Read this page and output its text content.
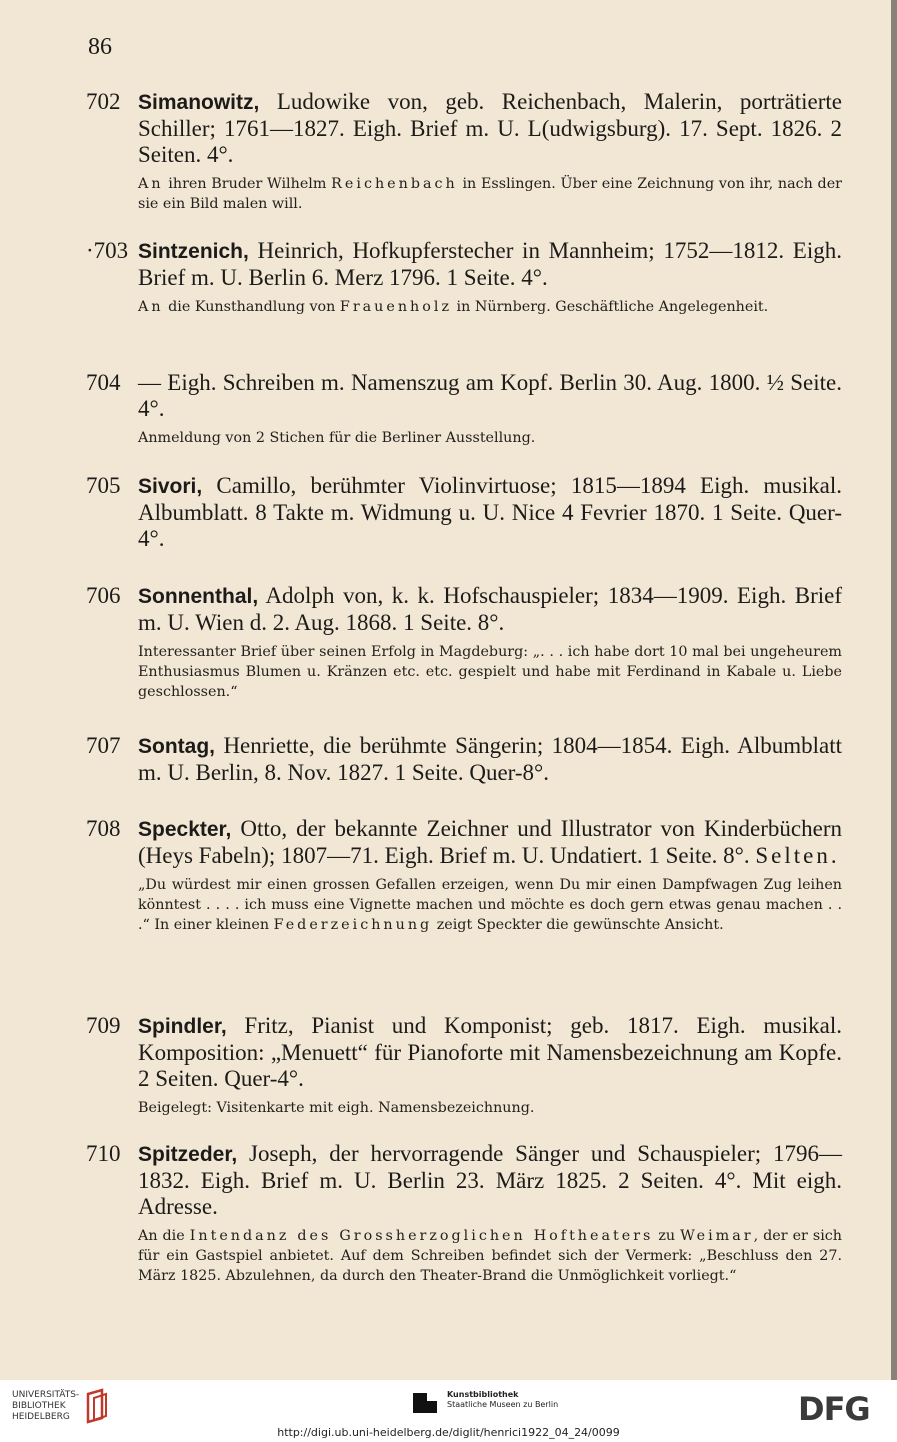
86
702 Simanowitz, Ludowike von, geb. Reichenbach, Malerin, porträtierte Schiller; 1761—1827. Eigh. Brief m. U. L(udwigsburg). 17. Sept. 1826. 2 Seiten. 4°.
An ihren Bruder Wilhelm Reichenbach in Esslingen. Über eine Zeichnung von ihr, nach der sie ein Bild malen will.
·703 Sintzenich, Heinrich, Hofkupferstecher in Mannheim; 1752—1812. Eigh. Brief m. U. Berlin 6. Merz 1796. 1 Seite. 4°.
An die Kunsthandlung von Frauenholz in Nürnberg. Geschäftliche Angelegenheit.
704 — Eigh. Schreiben m. Namenszug am Kopf. Berlin 30. Aug. 1800. ½ Seite. 4°.
Anmeldung von 2 Stichen für die Berliner Ausstellung.
705 Sivori, Camillo, berühmter Violinvirtuose; 1815—1894 Eigh. musikal. Albumblatt. 8 Takte m. Widmung u. U. Nice 4 Fevrier 1870. 1 Seite. Quer-4°.
706 Sonnenthal, Adolph von, k. k. Hofschauspieler; 1834—1909. Eigh. Brief m. U. Wien d. 2. Aug. 1868. 1 Seite. 8°.
Interessanter Brief über seinen Erfolg in Magdeburg: „. . . ich habe dort 10 mal bei ungeheurem Enthusiasmus Blumen u. Kränzen etc. etc. gespielt und habe mit Ferdinand in Kabale u. Liebe geschlossen.“
707 Sontag, Henriette, die berühmte Sängerin; 1804—1854. Eigh. Albumblatt m. U. Berlin, 8. Nov. 1827. 1 Seite. Quer-8°.
708 Speckter, Otto, der bekannte Zeichner und Illustrator von Kinderbüchern (Heys Fabeln); 1807—71. Eigh. Brief m. U. Undatiert. 1 Seite. 8°. Selten.
„Du würdest mir einen grossen Gefallen erzeigen, wenn Du mir einen Dampfwagen Zug leihen könntest . . . . ich muss eine Vignette machen und möchte es doch gern etwas genau machen . . .“ In einer kleinen Federzeichnung zeigt Speckter die gewünschte Ansicht.
709 Spindler, Fritz, Pianist und Komponist; geb. 1817. Eigh. musikal. Komposition: „Menuett“ für Pianoforte mit Namensbezeichnung am Kopfe. 2 Seiten. Quer-4°.
Beigelegt: Visitenkarte mit eigh. Namensbezeichnung.
710 Spitzeder, Joseph, der hervorragende Sänger und Schauspieler; 1796—1832. Eigh. Brief m. U. Berlin 23. März 1825. 2 Seiten. 4°. Mit eigh. Adresse.
An die Intendanz des Grossherzoglichen Hoftheaters zu Weimar, der er sich für ein Gastspiel anbietet. Auf dem Schreiben befindet sich der Vermerk: „Beschluss den 27. März 1825. Abzulehnen, da durch den Theater-Brand die Unmöglichkeit vorliegt.“
UNIVERSITÄTS-
BIBLIOTHEK
HEIDELBERG
Kunstbibliothek
Staatliche Museen zu Berlin	DFG
http://digi.ub.uni-heidelberg.de/diglit/henrici1922_04_24/0099
